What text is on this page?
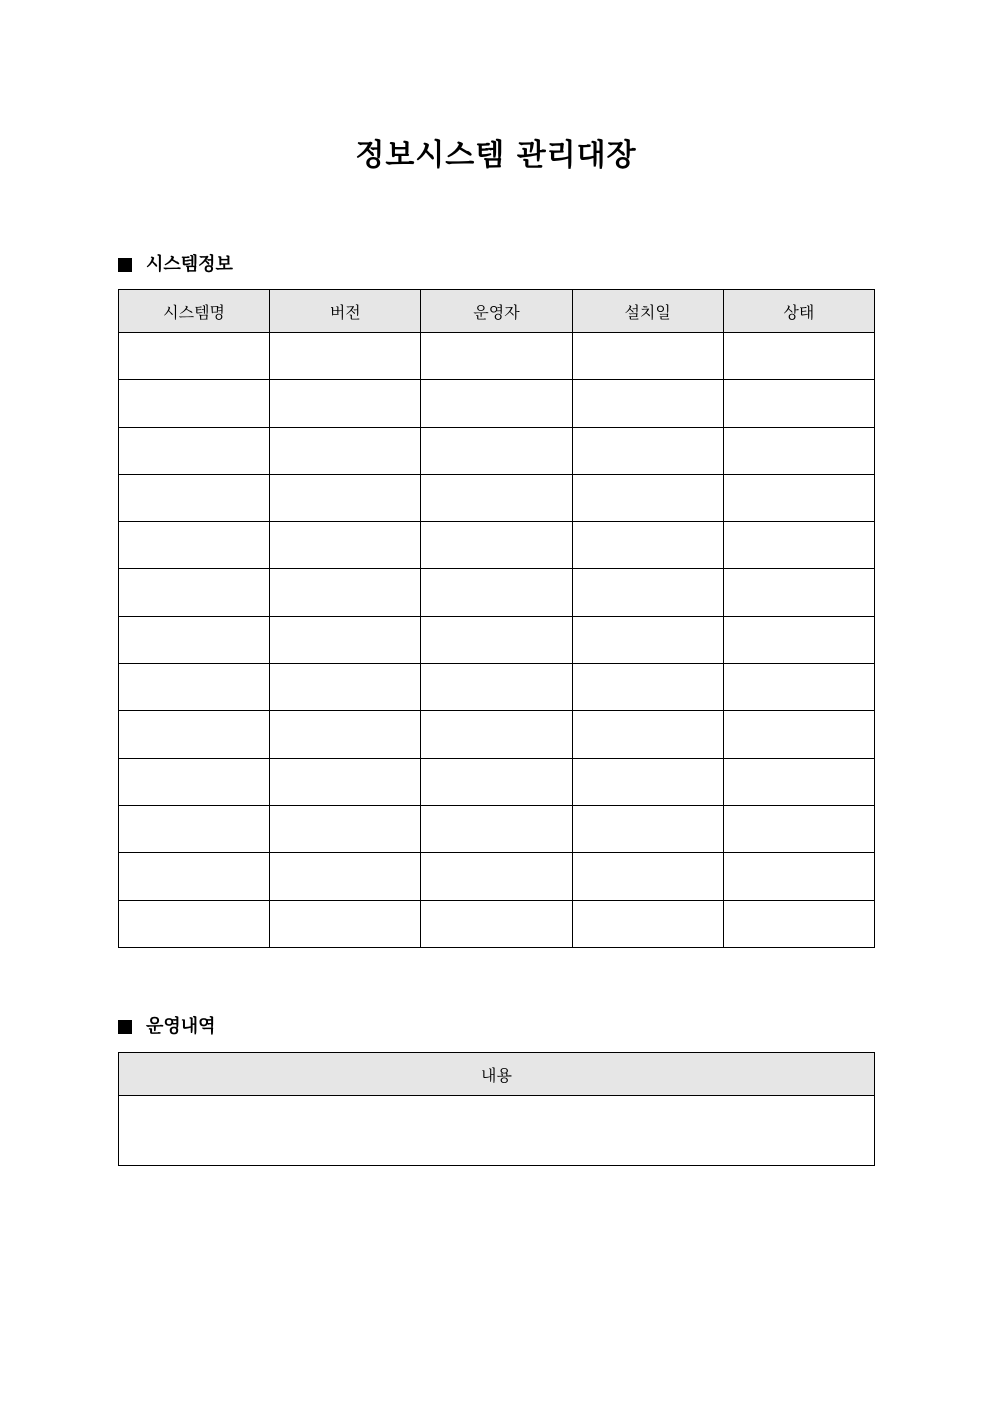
정보시스템 관리대장
시스템정보
시스템명	버전	운영자	설치일	상태

운영내역
내용
